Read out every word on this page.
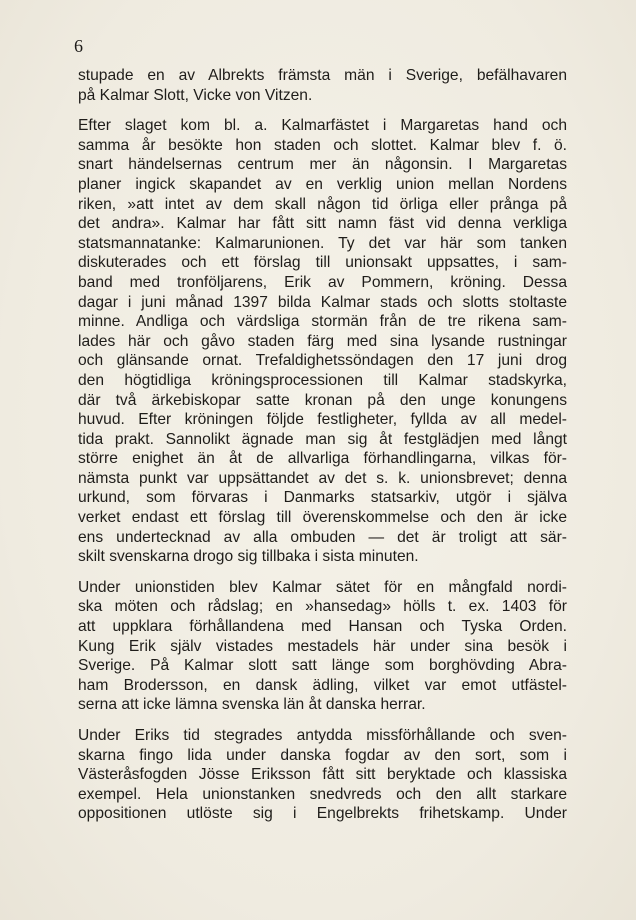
6
stupade en av Albrekts främsta män i Sverige, befälhavaren
på Kalmar Slott, Vicke von Vitzen.
Efter slaget kom bl. a. Kalmarfästet i Margaretas hand och
samma år besökte hon staden och slottet. Kalmar blev f. ö.
snart händelsernas centrum mer än någonsin. I Margaretas
planer ingick skapandet av en verklig union mellan Nordens
riken, »att intet av dem skall någon tid örliga eller prånga på
det andra». Kalmar har fått sitt namn fäst vid denna verkliga
statsmannatanke: Kalmarunionen. Ty det var här som tanken
diskuterades och ett förslag till unionsakt uppsattes, i sam-
band med tronföljarens, Erik av Pommern, kröning. Dessa
dagar i juni månad 1397 bilda Kalmar stads och slotts stoltaste
minne. Andliga och värdsliga stormän från de tre rikena sam-
lades här och gåvo staden färg med sina lysande rustningar
och glänsande ornat. Trefaldighetssöndagen den 17 juni drog
den högtidliga kröningsprocessionen till Kalmar stadskyrka,
där två ärkebiskopar satte kronan på den unge konungens
huvud. Efter kröningen följde festligheter, fyllda av all medel-
tida prakt. Sannolikt ägnade man sig åt festglädjen med långt
större enighet än åt de allvarliga förhandlingarna, vilkas för-
nämsta punkt var uppsättandet av det s. k. unionsbrevet; denna
urkund, som förvaras i Danmarks statsarkiv, utgör i själva
verket endast ett förslag till överenskommelse och den är icke
ens undertecknad av alla ombuden — det är troligt att sär-
skilt svenskarna drogo sig tillbaka i sista minuten.
Under unionstiden blev Kalmar sätet för en mångfald nordi-
ska möten och rådslag; en »hansedag» hölls t. ex. 1403 för
att uppklara förhållandena med Hansan och Tyska Orden.
Kung Erik själv vistades mestadels här under sina besök i
Sverige. På Kalmar slott satt länge som borghövding Abra-
ham Brodersson, en dansk ädling, vilket var emot utfästel-
serna att icke lämna svenska län åt danska herrar.
Under Eriks tid stegrades antydda missförhållande och sven-
skarna fingo lida under danska fogdar av den sort, som i
Västeråsfogden Jösse Eriksson fått sitt beryktade och klassiska
exempel. Hela unionstanken snedvreds och den allt starkare
oppositionen utlöste sig i Engelbrekts frihetskamp. Under
